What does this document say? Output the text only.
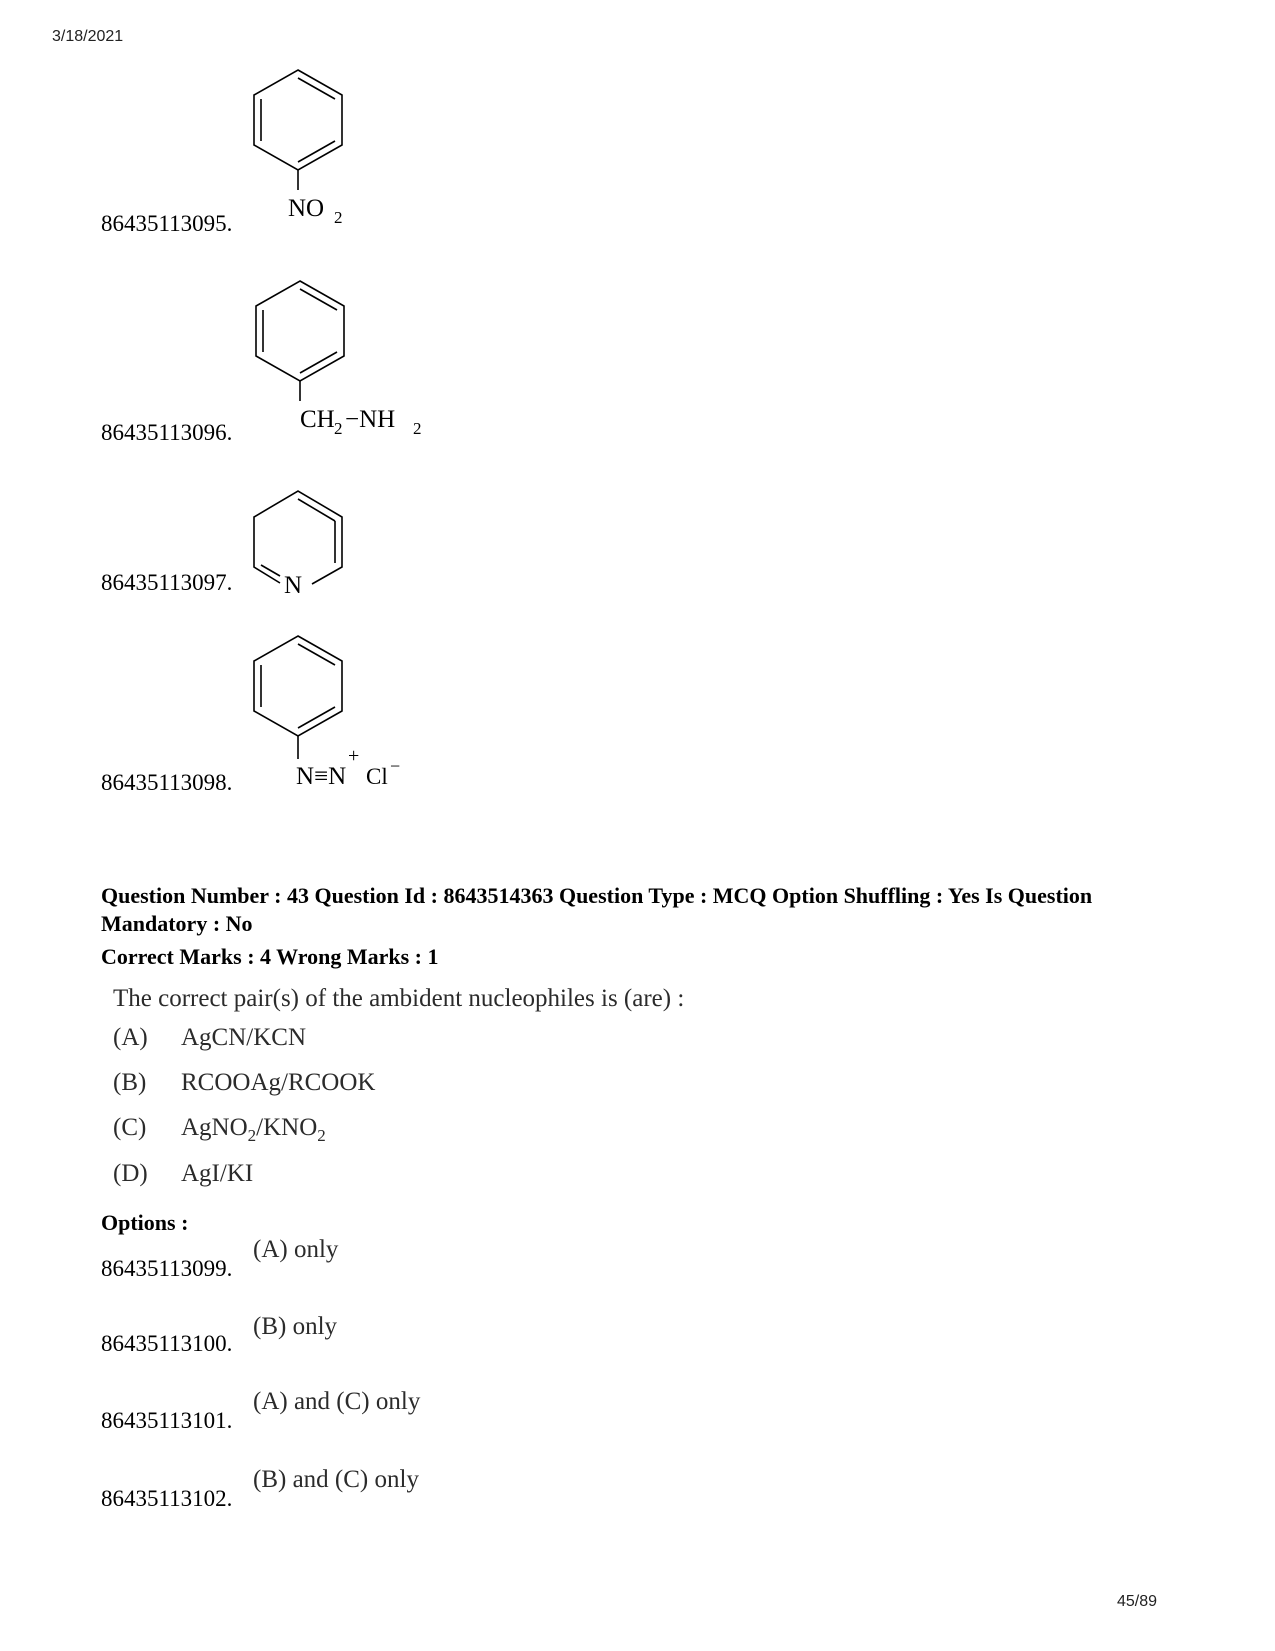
3/18/2021
86435113095.
NO 2
86435113096.	CH 2 −NH 2
86435113097. N
86435113098.	N≡N
+
Cl −
Question Number : 43 Question Id : 8643514363 Question Type : MCQ Option Shuffling : Yes Is Question Mandatory : No
Correct Marks : 4 Wrong Marks : 1
The correct pair(s) of the ambident nucleophiles is (are) :
(A) AgCN/KCN
(B) RCOOAg/RCOOK
(C) $AgNO_2/KNO_2$
(D) AgI/KI
Options :
86435113099.
(A) only
86435113100.
(B) only
86435113101.
(A) and (C) only
86435113102.
(B) and (C) only
45/89
